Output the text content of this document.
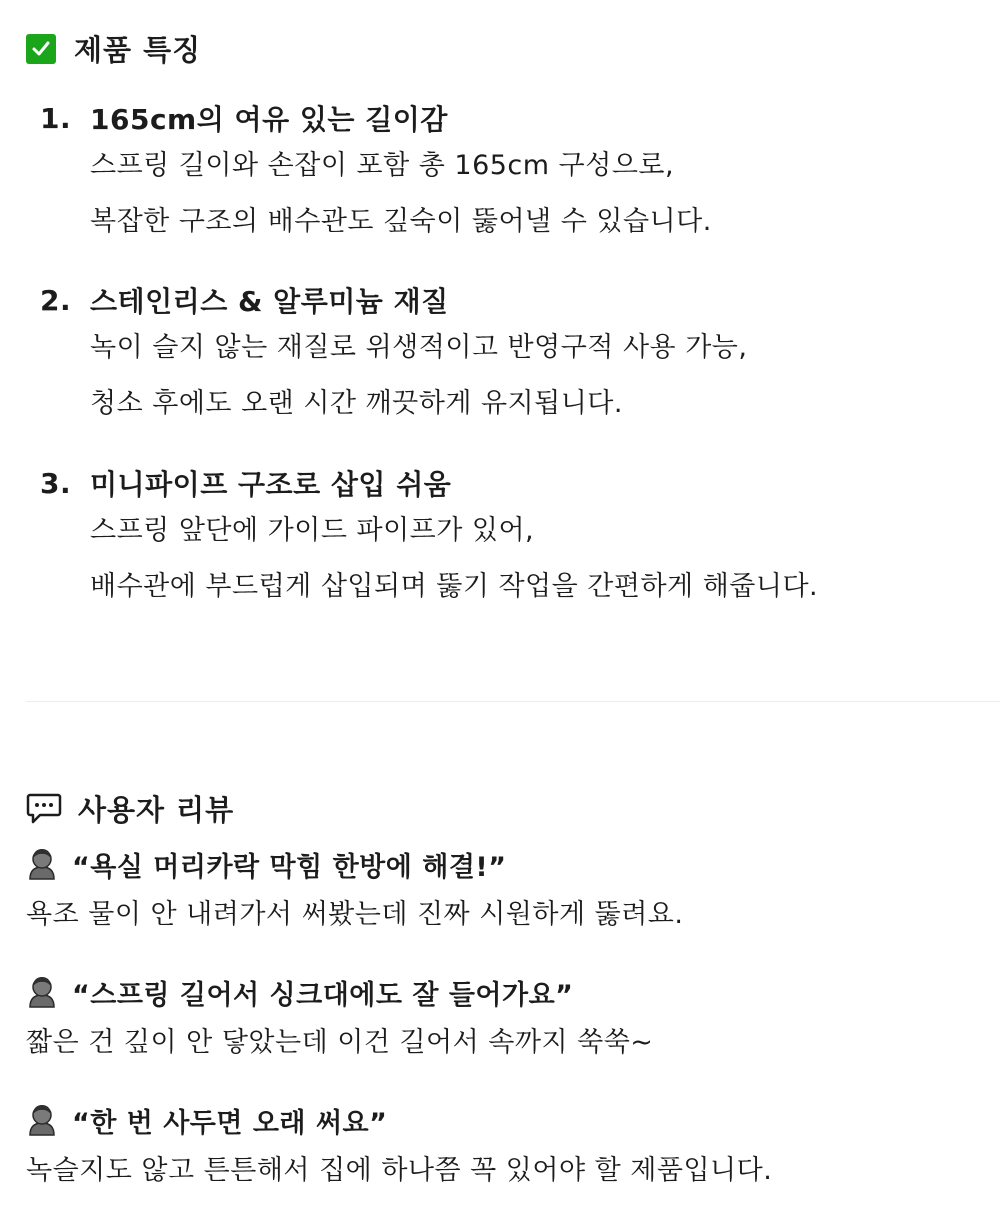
제품 특징
1. 165cm의 여유 있는 길이감
스프링 길이와 손잡이 포함 총 165cm 구성으로,
복잡한 구조의 배수관도 깊숙이 뚫어낼 수 있습니다.
2. 스테인리스 & 알루미늄 재질
녹이 슬지 않는 재질로 위생적이고 반영구적 사용 가능,
청소 후에도 오랜 시간 깨끗하게 유지됩니다.
3. 미니파이프 구조로 삽입 쉬움
스프링 앞단에 가이드 파이프가 있어,
배수관에 부드럽게 삽입되며 뚫기 작업을 간편하게 해줍니다.
사용자 리뷰
“욕실 머리카락 막힘 한방에 해결!”
욕조 물이 안 내려가서 써봤는데 진짜 시원하게 뚫려요.
“스프링 길어서 싱크대에도 잘 들어가요”
짧은 건 깊이 안 닿았는데 이건 길어서 속까지 쑥쑥~
“한 번 사두면 오래 써요”
녹슬지도 않고 튼튼해서 집에 하나쯤 꼭 있어야 할 제품입니다.
